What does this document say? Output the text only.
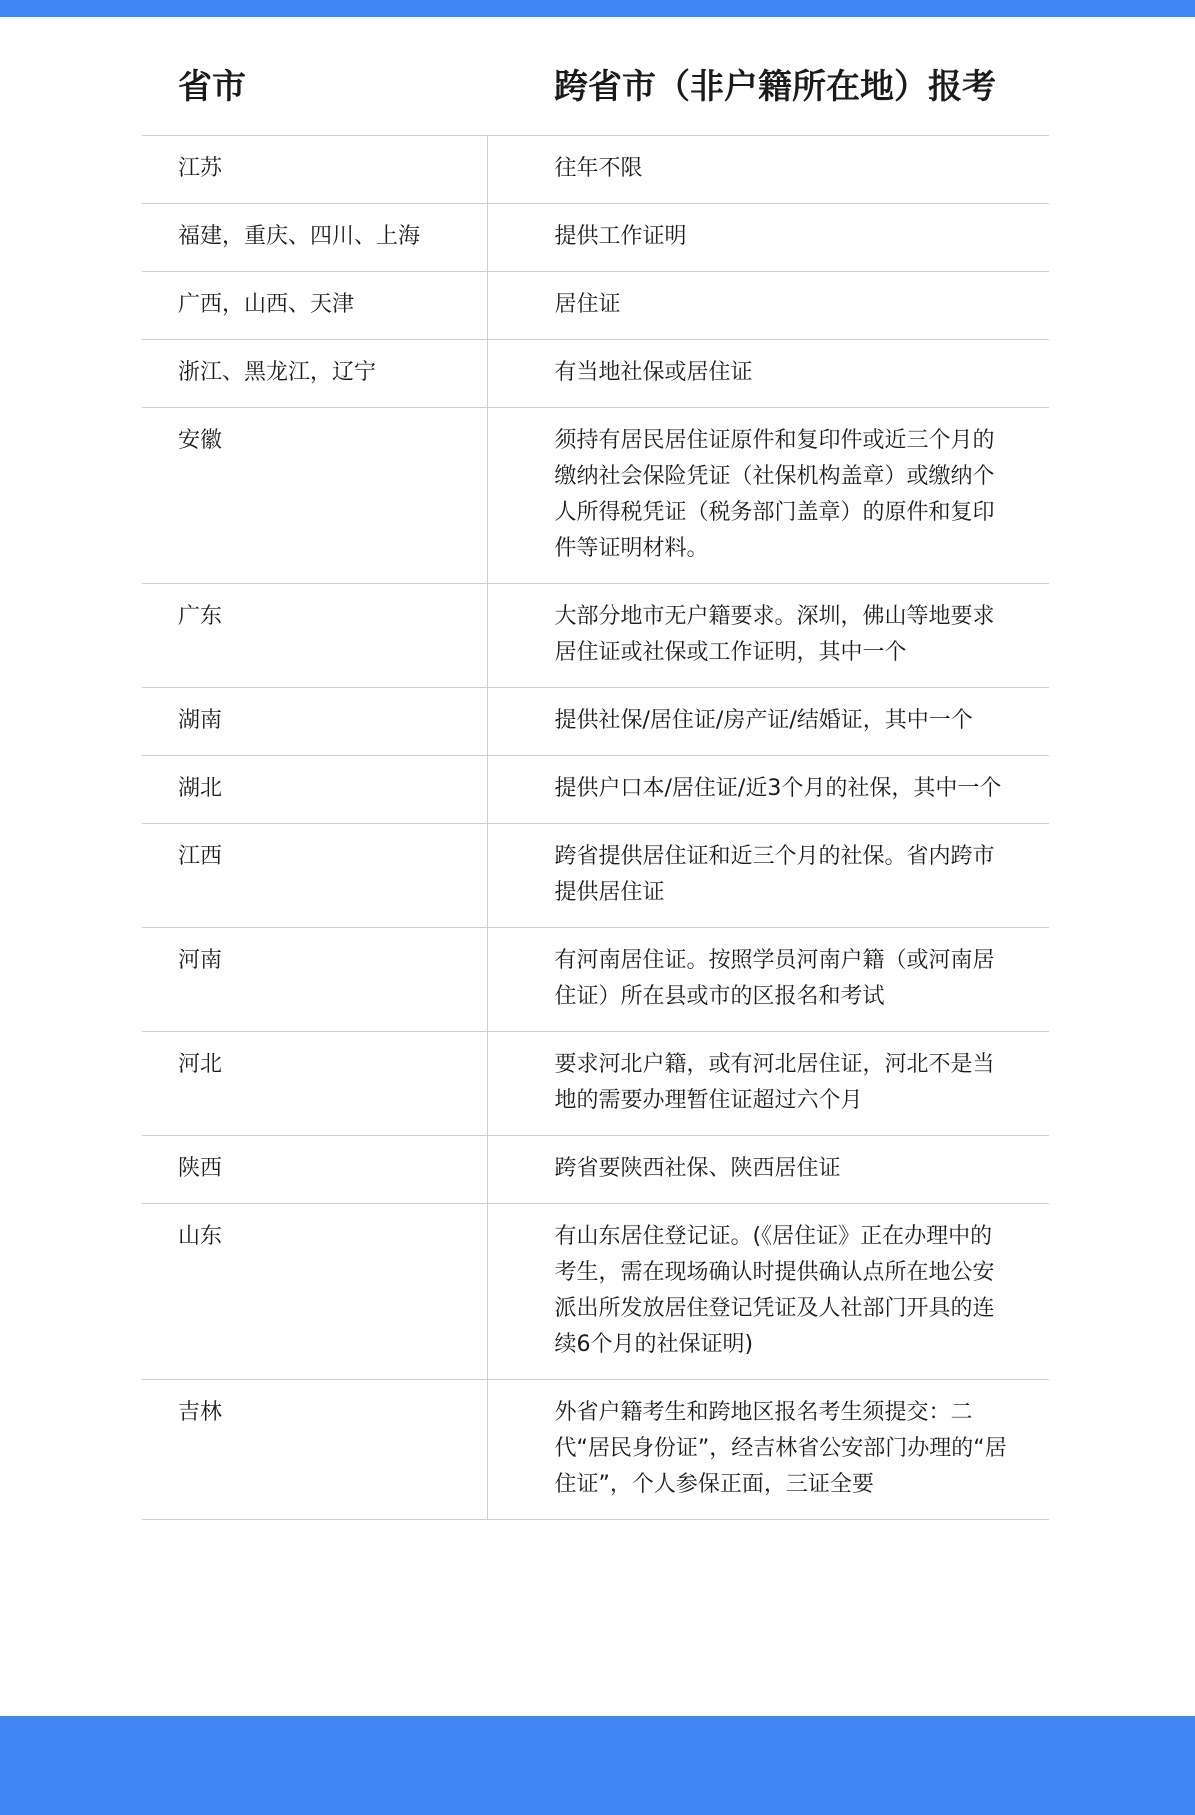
省市	跨省市（非户籍所在地）报考
江苏	往年不限
福建，重庆、四川、上海	提供工作证明
广西，山西、天津	居住证
浙江、黑龙江，辽宁	有当地社保或居住证
安徽	须持有居民居住证原件和复印件或近三个月的缴纳社会保险凭证（社保机构盖章）或缴纳个人所得税凭证（税务部门盖章）的原件和复印件等证明材料。
广东	大部分地市无户籍要求。深圳，佛山等地要求居住证或社保或工作证明，其中一个
湖南	提供社保/居住证/房产证/结婚证，其中一个
湖北	提供户口本/居住证/近3个月的社保，其中一个
江西	跨省提供居住证和近三个月的社保。省内跨市提供居住证
河南	有河南居住证。按照学员河南户籍（或河南居住证）所在县或市的区报名和考试
河北	要求河北户籍，或有河北居住证，河北不是当地的需要办理暂住证超过六个月
陕西	跨省要陕西社保、陕西居住证
山东	有山东居住登记证。(《居住证》正在办理中的考生，需在现场确认时提供确认点所在地公安派出所发放居住登记凭证及人社部门开具的连续6个月的社保证明)
吉林	外省户籍考生和跨地区报名考生须提交：二代“居民身份证”，经吉林省公安部门办理的“居住证”，个人参保正面，三证全要
